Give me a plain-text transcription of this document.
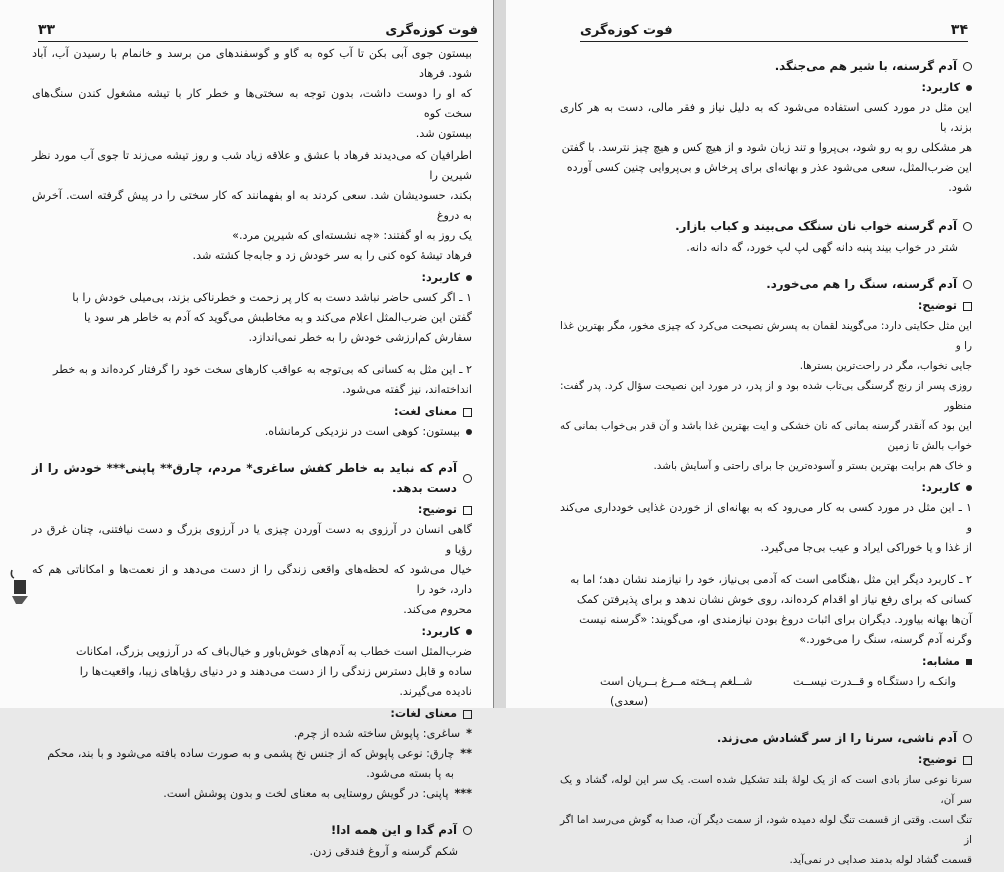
فوت کوزه‌گری
۳۳
بیستون جوی آبی بکن تا آب کوه به گاو و گوسفندهای من برسد و خانمام با رسیدن آب، آباد شود. فرهاد
که او را دوست داشت، بدون توجه به سختی‌ها و خطر کار با تیشه مشغول کندن سنگ‌های سخت کوه
بیستون شد.
اطرافیان که می‌دیدند فرهاد با عشق و علاقه زیاد شب و روز تیشه می‌زند تا جوی آب مورد نظر شیرین را
بکند، حسودیشان شد. سعی کردند به او بفهمانند که کار سختی را در پیش گرفته است. آخرش به دروغ
یک روز به او گفتند: «چه نشسته‌ای که شیرین مرد.»
فرهاد تیشهٔ کوه کنی را به سر خودش زد و جابه‌جا کشته شد.
کاربرد:
۱ ـ اگر کسی حاضر نباشد دست به کار پر زحمت و خطرناکی بزند، بی‌میلی خودش را با
گفتن این ضرب‌المثل اعلام می‌کند و به مخاطبش می‌گوید که آدم به خاطر هر سود یا
سفارش کم‌ارزشی خودش را به خطر نمی‌اندازد.
۲ ـ این مثل به کسانی که بی‌توجه به عواقب کارهای سخت خود را گرفتار کرده‌اند و به خطر
انداخته‌اند، نیز گفته می‌شود.
معنای لغت:
بیستون: کوهی است در نزدیکی کرمانشاه.
آدم که نباید به خاطر کفش ساغری* مردم، چارق** پاپنی*** خودش را از دست بدهد.
توضیح:
گاهی انسان در آرزوی به دست آوردن چیزی یا در آرزوی بزرگ و دست نیافتنی، چنان غرق در رؤیا و
خیال می‌شود که لحظه‌های واقعی زندگی را از دست می‌دهد و از نعمت‌ها و امکاناتی هم که دارد، خود را
محروم می‌کند.
کاربرد:
ضرب‌المثل است خطاب به آدم‌های خوش‌باور و خیال‌باف که در آرزویی بزرگ، امکانات
ساده و قابل دسترس زندگی را از دست می‌دهند و در دنیای رؤیاهای زیبا، واقعیت‌ها را
نادیده می‌گیرند.
معنای لغات:
*
ساغری: پاپوش ساخته شده از چرم.
**
چارق: نوعی پاپوش که از جنس نخ پشمی و به صورت ساده بافته می‌شود و با بند، محکم
به پا بسته می‌شود.
***
پاپنی: در گویش روستایی به معنای لخت و بدون پوشش است.
آدم گدا و این همه ادا!
شکم گرسنه و آروغ فندقی زدن.
۳۴
فوت کوزه‌گری
آدم گرسنه، با شیر هم می‌جنگد.
کاربرد:
این مثل در مورد کسی استفاده می‌شود که به دلیل نیاز و فقر مالی، دست به هر کاری بزند، با
هر مشکلی رو به رو شود، بی‌پروا و تند زبان شود و از هیچ کس و هیچ چیز نترسد. با گفتن
این ضرب‌المثل، سعی می‌شود عذر و بهانه‌ای برای پرخاش و بی‌پروایی چنین کسی آورده
شود.
آدم گرسنه خواب نان سنگک می‌بیند و کباب بازار.
شتر در خواب بیند پنبه دانه گهی لپ لپ خورد، گه دانه دانه.
آدم گرسنه، سنگ را هم می‌خورد.
توضیح:
این مثل حکایتی دارد: می‌گویند لقمان به پسرش نصیحت می‌کرد که چیزی مخور، مگر بهترین غذا را و
جایی نخواب، مگر در راحت‌ترین بسترها.
روزی پسر از رنج گرسنگی بی‌تاب شده بود و از پدر، در مورد این نصیحت سؤال کرد. پدر گفت: منظور
این بود که آنقدر گرسنه بمانی که نان خشکی و ایت بهترین غذا باشد و آن قدر بی‌خواب بمانی که خواب بالش تا زمین
و خاک هم برایت بهترین بستر و آسوده‌ترین جا برای راحتی و آسایش باشد.
کاربرد:
۱ ـ این مثل در مورد کسی به کار می‌رود که به بهانه‌ای از خوردن غذایی خودداری می‌کند و
از غذا و یا خوراکی ایراد و عیب بی‌جا می‌گیرد.
۲ ـ کاربرد دیگر این مثل ،هنگامی است که آدمی بی‌نیاز، خود را نیازمند نشان دهد؛ اما به
کسانی که برای رفع نیاز او اقدام کرده‌اند، روی خوش نشان ندهد و برای پذیرفتن کمک
آن‌ها بهانه بیاورد. دیگران برای اثبات دروغ بودن نیازمندی او، می‌گویند: «گرسنه نیست
وگرنه آدم گرسنه، سنگ را می‌خورد.»
مشابه:
وانکـه را دستگـاه و قــدرت نیســت
شــلغم پــخته مــرغ بــریان است
(سعدی)
آدم ناشی، سرنا را از سر گشادش می‌زند.
توضیح:
سرنا نوعی ساز بادی است که از یک لولهٔ بلند تشکیل شده است. یک سر این لوله، گشاد و یک سر آن،
تنگ است. وقتی از قسمت تنگ لوله دمیده شود، از سمت دیگر آن، صدا به گوش می‌رسد اما اگر از
قسمت گشاد لوله بدمند صدایی در نمی‌آید.
